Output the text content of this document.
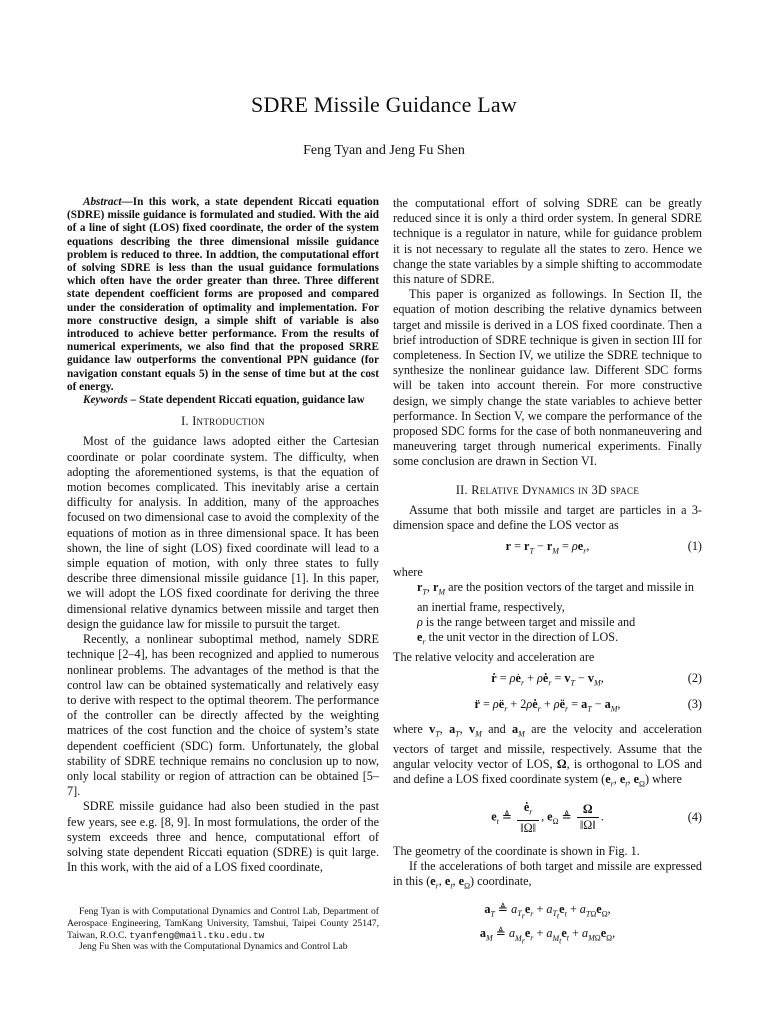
SDRE Missile Guidance Law
Feng Tyan and Jeng Fu Shen

Abstract—In this work, a state dependent Riccati equation (SDRE) missile guidance is formulated and studied. With the aid of a line of sight (LOS) fixed coordinate, the order of the system equations describing the three dimensional missile guidance problem is reduced to three. In addtion, the computational effort of solving SDRE is less than the usual guidance formulations which often have the order greater than three. Three different state dependent coefficient forms are proposed and compared under the consideration of optimality and implementation. For more constructive design, a simple shift of variable is also introduced to achieve better performance. From the results of numerical experiments, we also find that the proposed SRRE guidance law outperforms the conventional PPN guidance (for navigation constant equals 5) in the sense of time but at the cost of energy.

Keywords – State dependent Riccati equation, guidance law

I. Introduction

Most of the guidance laws adopted either the Cartesian coordinate or polar coordinate system. The difficulty, when adopting the aforementioned systems, is that the equation of motion becomes complicated. This inevitably arise a certain difficulty for analysis. In addition, many of the approaches focused on two dimensional case to avoid the complexity of the equations of motion as in three dimensional space. It has been shown, the line of sight (LOS) fixed coordinate will lead to a simple equation of motion, with only three states to fully describe three dimensional missile guidance [1]. In this paper, we will adopt the LOS fixed coordinate for deriving the three dimensional relative dynamics between missile and target then design the guidance law for missile to pursuit the target.

Recently, a nonlinear suboptimal method, namely SDRE technique [2–4], has been recognized and applied to numerous nonlinear problems. The advantages of the method is that the control law can be obtained systematically and relatively easy to derive with respect to the optimal theorem. The performance of the controller can be directly affected by the weighting matrices of the cost function and the choice of system’s state dependent coefficient (SDC) form. Unfortunately, the global stability of SDRE technique remains no conclusion up to now, only local stability or region of attraction can be obtained [5–7].

SDRE missile guidance had also been studied in the past few years, see e.g. [8, 9]. In most formulations, the order of the system exceeds three and hence, computational effort of solving state dependent Riccati equation (SDRE) is quit large. In this work, with the aid of a LOS fixed coordinate,

Feng Tyan is with Computational Dynamics and Control Lab, Department of Aerospace Engineering, TamKang University, Tamshui, Taipei County 25147, Taiwan, R.O.C. tyanfeng@mail.tku.edu.tw

Jeng Fu Shen was with the Computational Dynamics and Control Lab

the computational effort of solving SDRE can be greatly reduced since it is only a third order system. In general SDRE technique is a regulator in nature, while for guidance problem it is not necessary to regulate all the states to zero. Hence we change the state variables by a simple shifting to accommodate this nature of SDRE.

This paper is organized as followings. In Section II, the equation of motion describing the relative dynamics between target and missile is derived in a LOS fixed coordinate. Then a brief introduction of SDRE technique is given in section III for completeness. In Section IV, we utilize the SDRE technique to synthesize the nonlinear guidance law. Different SDC forms will be taken into account therein. For more constructive design, we simply change the state variables to achieve better performance. In Section V, we compare the performance of the proposed SDC forms for the case of both nonmaneuvering and maneuvering target through numerical experiments. Finally some conclusion are drawn in Section VI.

II. Relative Dynamics in 3D space

Assume that both missile and target are particles in a 3-dimension space and define the LOS vector as

$r = r_T - r_M = \rho e_r$,	(1)

where

$r_T$, $r_M$ are the position vectors of the target and missile in an inertial frame, respectively,

ρ is the range between target and missile and

$e_r$ the unit vector in the direction of LOS.

The relative velocity and acceleration are

ṙ = $\rhȯe_r$ + $\rho ė_r = v_T - v_M$,	(2)
r̈ = $\rhöe_r$ + $2\rhȯė_r$ + $\rho ë_r = a_T - a_M$,	(3)

where $v_T$, $a_T$, $v_M$ and $a_M$ are the velocity and acceleration vectors of target and missile, respectively. Assume that the angular velocity vector of LOS, Ω, is orthogonal to LOS and and define a LOS fixed coordinate system ($e_r$, $e_t$, $e_\Omega$) where

$e_t$ ≜ $\frac{ė_r}{‖\Omega‖}$ , $e_\Omega$ ≜ $\frac{\Omega}{‖\Omega‖}$ .	(4)

The geometry of the coordinate is shown in Fig. 1.

If the accelerations of both target and missile are expressed in this ($e_r$, $e_t$, $e_\Omega$) coordinate,

$a_T$ ≜ $a_{T_r}e_r + a_{T_t}e_t + a_{T\Omega}e_\Omega$,
$a_M$ ≜ $a_{M_r}e_r + a_{M_t}e_t + a_{M\Omega}e_\Omega$,
